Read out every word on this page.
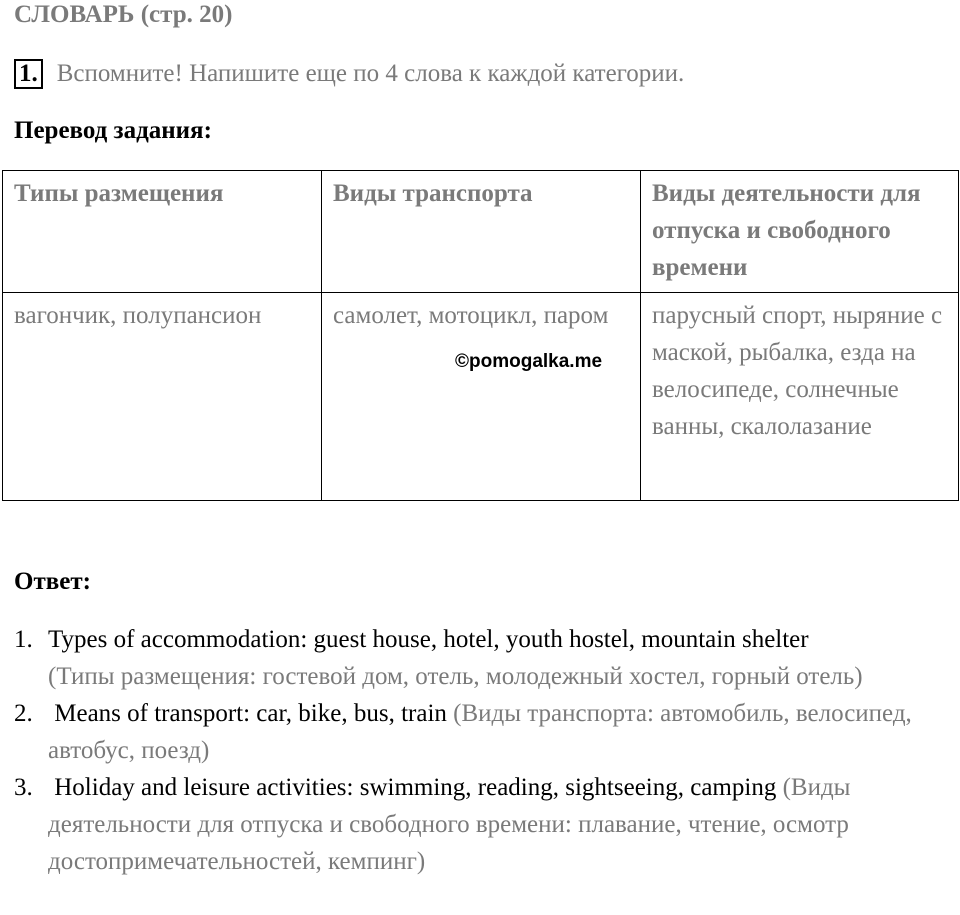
СЛОВАРЬ (стр. 20)
1. Вспомните! Напишите еще по 4 слова к каждой категории.
Перевод задания:
Типы размещения	Виды транспорта	Виды деятельности для отпуска и свободного времени
вагончик, полупансион	самолет, мотоцикл, паром	парусный спорт, ныряние с маской, рыбалка, езда на велосипеде, солнечные ванны, скалолазание
©pomogalka.me
Ответ:
1. Types of accommodation: guest house, hotel, youth hostel, mountain shelter
(Типы размещения: гостевой дом, отель, молодежный хостел, горный отель)
2. Means of transport: car, bike, bus, train (Виды транспорта: автомобиль, велосипед, автобус, поезд)
3. Holiday and leisure activities: swimming, reading, sightseeing, camping (Виды деятельности для отпуска и свободного времени: плавание, чтение, осмотр достопримечательностей, кемпинг)
